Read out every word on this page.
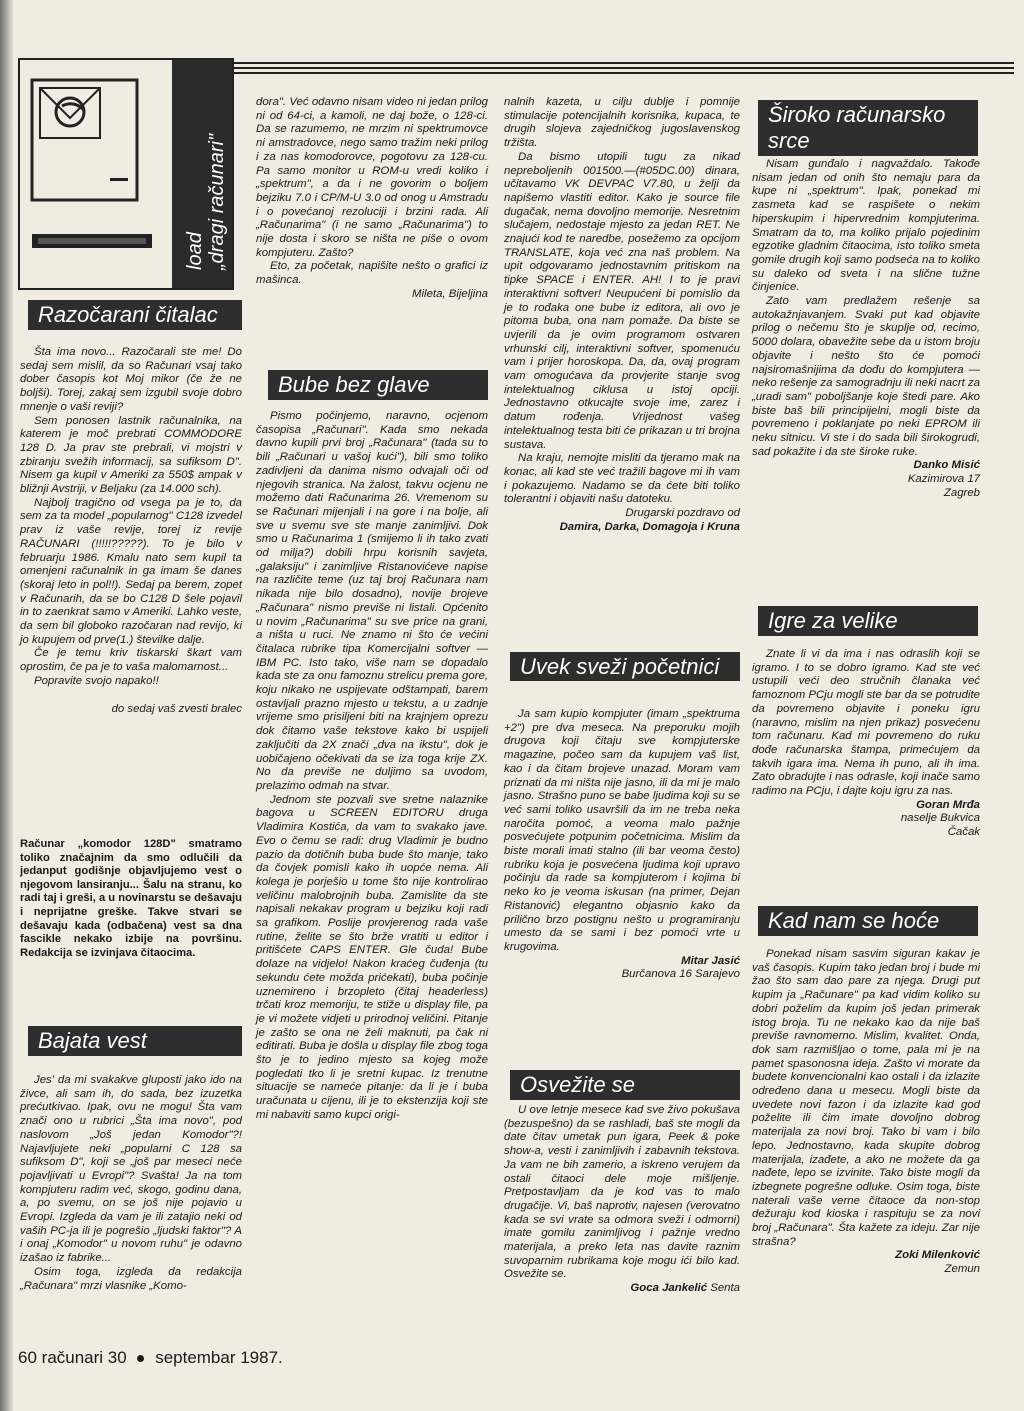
load „dragi računari"
Razočarani čitalac

Šta ima novo... Razočarali ste me! Do sedaj sem mislil, da so Računari vsaj tako dober časopis kot Moj mikor (če že ne boljši). Torej, zakaj sem izgubil svoje dobro mnenje o vaši reviji?

Sem ponosen lastnik računalnika, na katerem je moč prebrati COMMODORE 128 D. Ja prav ste prebrali, vi mojstri v zbiranju svežih informacij, sa sufiksom D". Nisem ga kupil v Ameriki za 550$ ampak v bližnji Avstriji, v Beljaku (za 14.000 sch).

Najbolj tragično od vsega pa je to, da sem za ta model „popularnog" C128 izvedel prav iz vaše revije, torej iz revije RAČUNARI (!!!!!?????). To je bilo v februarju 1986. Kmalu nato sem kupil ta omenjeni računalnik in ga imam še danes (skoraj leto in pol!!). Sedaj pa berem, zopet v Računarih, da se bo C128 D šele pojavil in to zaenkrat samo v Ameriki. Lahko veste, da sem bil globoko razočaran nad revijo, ki jo kupujem od prve(1.) številke dalje.

Če je temu kriv tiskarski škart vam oprostim, če pa je to vaša malomarnost...

Popravite svojo napako!!

do sedaj vaš zvesti bralec

Računar „komodor 128D" smatramo toliko značajnim da smo odlučili da jedanput godišnje objavljujemo vest o njegovom lansiranju... Šalu na stranu, ko radi taj i greši, a u novinarstu se dešavaju i neprijatne greške. Takve stvari se dešavaju kada (odbačena) vest sa dna fascikle nekako izbije na površinu. Redakcija se izvinjava čitaocima.
Bajata vest

Jes' da mi svakakve gluposti jako ido na živce, ali sam ih, do sada, bez izuzetka prećutkivao. Ipak, ovu ne mogu! Šta vam znači ono u rubrici „Šta ima novo", pod naslovom „Još jedan Komodor"?! Najavljujete neki „popularni C 128 sa sufiksom D", koji se „još par meseci neće pojavljivati u Evropi"? Svašta! Ja na tom kompjuteru radim već, skogo, godinu dana, a, po svemu, on se još nije pojavio u Evropi. Izgleda da vam je ili zatajio neki od vaših PC-ja ili je pogrešio „ljudski faktor"? A i onaj „Komodor" u novom ruhu" je odavno izašao iz fabrike...

Osim toga, izgleda da redakcija „Računara" mrzi vlasnike „Komo-

dora". Već odavno nisam video ni jedan prilog ni od 64-ci, a kamoli, ne daj bože, o 128-ci. Da se razumemo, ne mrzim ni spektrumovce ni amstradovce, nego samo tražim neki prilog i za nas komodorovce, pogotovu za 128-cu. Pa samo monitor u ROM-u vredi koliko i „spektrum", a da i ne govorim o boljem bejziku 7.0 i CP/M-U 3.0 od onog u Amstradu i o povećanoj rezoluciji i brzini rada. Ali „Računarima" (i ne samo „Računarima") to nije dosta i skoro se ništa ne piše o ovom kompjuteru. Zašto?

Eto, za početak, napišite nešto o grafici iz mašinca.

Mileta, Bijeljina

Bube bez glave

Pismo počinjemo, naravno, ocjenom časopisa „Računari". Kada smo nekada davno kupili prvi broj „Računara" (tada su to bili „Računari u vašoj kući"), bili smo toliko zadivljeni da danima nismo odvajali oči od njegovih stranica. Na žalost, takvu ocjenu ne možemo dati Računarima 26. Vremenom su se Računari mijenjali i na gore i na bolje, ali sve u svemu sve ste manje zanimljivi. Dok smo u Računarima 1 (smijemo li ih tako zvati od milja?) dobili hrpu korisnih savjeta, „galaksiju" i zanimljive Ristanovićeve napise na različite teme (uz taj broj Računara nam nikada nije bilo dosadno), novije brojeve „Računara" nismo previše ni listali. Općenito u novim „Računarima" su sve price na grani, a ništa u ruci. Ne znamo ni što će većini čitalaca rubrike tipa Komercijalni softver — IBM PC. Isto tako, više nam se dopadalo kada ste za onu famoznu strelicu prema gore, koju nikako ne uspijevate odštampati, barem ostavljali prazno mjesto u tekstu, a u zadnje vrijeme smo prisiljeni biti na krajnjem oprezu dok čitamo vaše tekstove kako bi uspijeli zaključiti da 2X znači „dva na ikstu", dok je uobičajeno očekivati da se iza toga krije ZX. No da previše ne duljimo sa uvodom, prelazimo odmah na stvar.

Jednom ste pozvali sve sretne nalaznike bagova u SCREEN EDITORU druga Vladimira Kostića, da vam to svakako jave. Evo o čemu se radi: drug Vladimir je budno pazio da dotičnih buba bude što manje, tako da čovjek pomisli kako ih uopće nema. Ali kolega je porješio u tome što nije kontrolirao veličinu malobrojnih buba. Zamislite da ste napisali nekakav program u bejziku koji radi sa grafikom. Poslije provjerenog rada vaše rutine, želite se što brže vratiti u editor i pritišćete CAPS ENTER. Gle čuda! Bube dolaze na vidjelo! Nakon kraćeg čuđenja (tu sekundu ćete možda prićekati), buba počinje uznemireno i brzopleto (čitaj headerless) trčati kroz memoriju, te stiže u display file, pa je vi možete vidjeti u prirodnoj veličini. Pitanje je zašto se ona ne želi maknuti, pa čak ni editirati. Buba je došla u display file zbog toga što je to jedino mjesto sa kojeg može pogledati tko li je sretni kupac. Iz trenutne situacije se nameće pitanje: da li je i buba uračunata u cijenu, ili je to ekstenzija koji ste mi nabaviti samo kupci origi-

nalnih kazeta, u cilju dublje i pomnije stimulacije potencijalnih korisnika, kupaca, te drugih slojeva zajedničkog jugoslavenskog tržišta.

Da bismo utopili tugu za nikad nepreboljenih 001500.—(#05DC.00) dinara, učitavamo VK DEVPAC V7.80, u želji da napišemo vlastiti editor. Kako je source file dugačak, nema dovoljno memorije. Nesretnim slučajem, nedostaje mjesto za jedan RET. Ne znajući kod te naredbe, posežemo za opcijom TRANSLATE, koja već zna naš problem. Na upit odgovaramo jednostavnim pritiskom na tipke SPACE i ENTER. AH! I to je pravi interaktivni softver! Neupućeni bi pomislio da je to rođaka one bube iz editora, ali ovo je pitoma buba, ona nam pomaže. Da biste se uvjerili da je ovim programom ostvaren vrhunski cilj, interaktivni softver, spomenuću vam i prijer horoskopa. Da, da, ovaj program vam omogućava da provjerite stanje svog intelektualnog ciklusa u istoj opciji. Jednostavno otkucajte svoje ime, zarez i datum rođenja. Vrijednost vašeg intelektualnog testa biti će prikazan u tri brojna sustava.

Na kraju, nemojte misliti da tjeramo mak na konac, ali kad ste već tražili bagove mi ih vam i pokazujemo. Nadamo se da ćete biti toliko tolerantni i objaviti našu datoteku.

Drugarski pozdravo od

Damira, Darka, Domagoja i Kruna

Uvek sveži početnici

Ja sam kupio kompjuter (imam „spektruma +2") pre dva meseca. Na preporuku mojih drugova koji čitaju sve kompjuterske magazine, počeo sam da kupujem vaš list, kao i da čitam brojeve unazad. Moram vam priznati da mi ništa nije jasno, ili da mi je malo jasno. Strašno puno se babe ljudima koji su se već sami toliko usavršili da im ne treba neka naročita pomoć, a veoma malo pažnje posvećujete potpunim početnicima. Mislim da biste morali imati stalno (ili bar veoma često) rubriku koja je posvećena ljudima koji upravo počinju da rade sa kompjuterom i kojima bi neko ko je veoma iskusan (na primer, Dejan Ristanović) elegantno objasnio kako da prilično brzo postignu nešto u programiranju umesto da se sami i bez pomoći vrte u krugovima.

Mitar Jasić

Burčanova 16 Sarajevo

Osvežite se

U ove letnje mesece kad sve živo pokušava (bezuspešno) da se rashladi, baš ste mogli da date čitav umetak pun igara, Peek & poke show-a, vesti i zanimljivih i zabavnih tekstova. Ja vam ne bih zamerio, a iskreno verujem da ostali čitaoci dele moje mišljenje. Pretpostavljam da je kod vas to malo drugačije. Vi, baš naprotiv, najesen (verovatno kada se svi vrate sa odmora sveži i odmorni) imate gomilu zanimljivog i pažnje vredno materijala, a preko leta nas davite raznim suvoparnim rubrikama koje mogu ići bilo kad. Osvežite se.

Goca Jankelić Senta

Široko računarsko srce

Nisam gunđalo i nagvaždalo. Takođe nisam jedan od onih što nemaju para da kupe ni „spektrum". Ipak, ponekad mi zasmeta kad se raspišete o nekim hiperskupim i hipervrednim kompjuterima. Smatram da to, ma koliko prijalo pojedinim egzotike gladnim čitaocima, isto toliko smeta gomile drugih koji samo podseća na to koliko su daleko od sveta i na slične tužne činjenice.

Zato vam predlažem rešenje sa autokažnjavanjem. Svaki put kad objavite prilog o nečemu što je skuplje od, recimo, 5000 dolara, obavežite sebe da u istom broju objavite i nešto što će pomoći najsiromašnijima da dođu do kompjutera — neko rešenje za samogradnju ili neki nacrt za „uradi sam" poboljšanje koje štedi pare. Ako biste baš bili principijelni, mogli biste da povremeno i poklanjate po neki EPROM ili neku sitnicu. Vi ste i do sada bili širokogrudi, sad pokažite i da ste široke ruke.

Danko Misić

Kazimirova 17

Zagreb

Igre za velike

Znate li vi da ima i nas odraslih koji se igramo. I to se dobro igramo. Kad ste već ustupili veći deo stručnih članaka već famoznom PCju mogli ste bar da se potrudite da povremeno objavite i poneku igru (naravno, mislim na njen prikaz) posvećenu tom računaru. Kad mi povremeno do ruku dođe računarska štampa, primećujem da takvih igara ima. Nema ih puno, ali ih ima. Zato obradujte i nas odrasle, koji inače samo radimo na PCju, i dajte koju igru za nas.

Goran Mrđa

naselje Bukvica

Čačak

Kad nam se hoće

Ponekad nisam sasvim siguran kakav je vaš časopis. Kupim tako jedan broj i bude mi žao što sam dao pare za njega. Drugi put kupim ja „Računare" pa kad vidim koliko su dobri poželim da kupim još jedan primerak istog broja. Tu ne nekako kao da nije baš previše ravnomerno. Mislim, kvalitet. Onda, dok sam razmišljao o tome, pala mi je na pamet spasonosna ideja. Zašto vi morate da budete konvencionalni kao ostali i da izlazite određeno dana u mesecu. Mogli biste da uvedete novi fazon i da izlazite kad god poželite ili čim imate dovoljno dobrog materijala za novi broj. Tako bi vam i bilo lepo. Jednostavno, kada skupite dobrog materijala, izađete, a ako ne možete da ga nađete, lepo se izvinite. Tako biste mogli da izbegnete pogrešne odluke. Osim toga, biste naterali vaše verne čitaoce da non-stop dežuraju kod kioska i raspituju se za novi broj „Računara". Šta kažete za ideju. Zar nije strašna?

Zoki Milenković

Zemun

60 računari 30 septembar 1987.
